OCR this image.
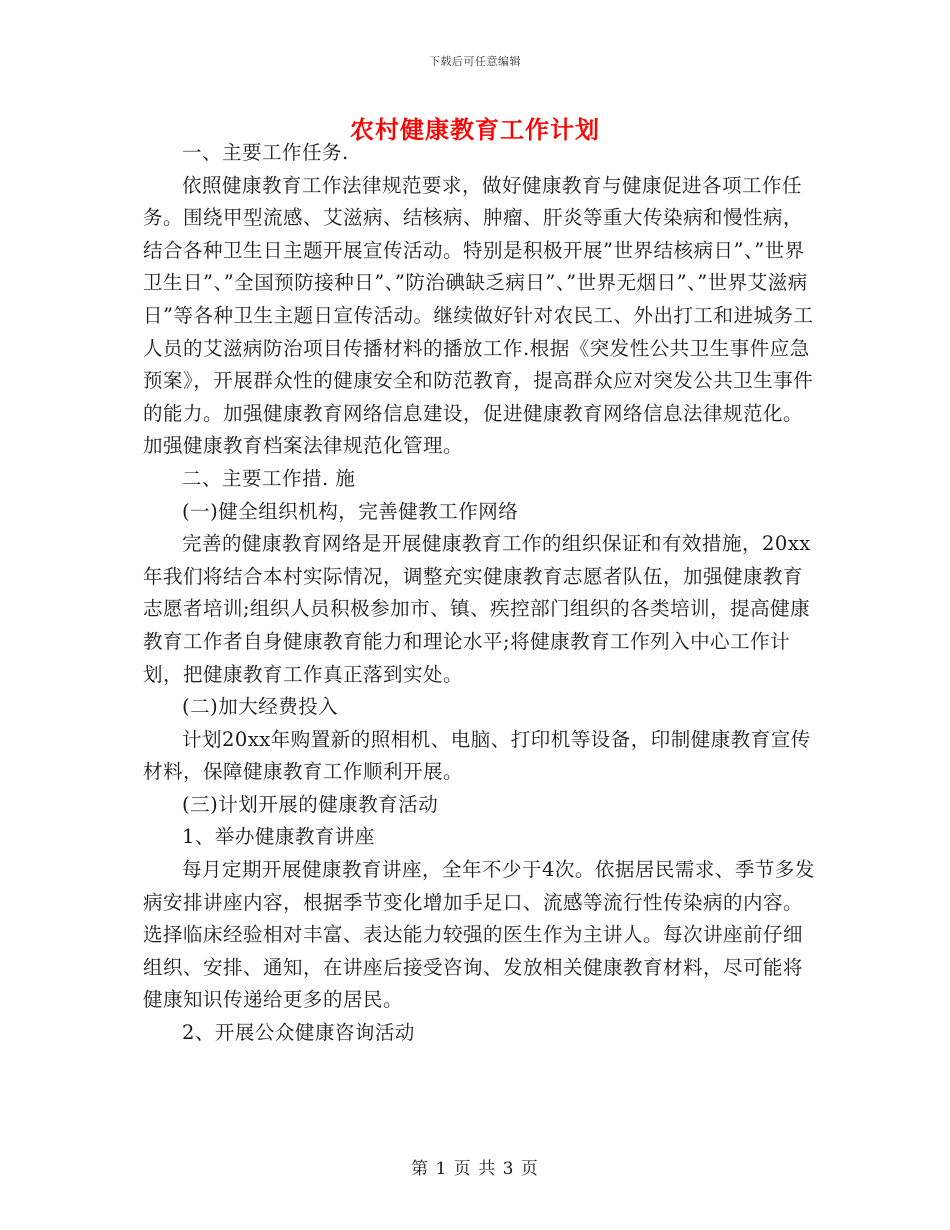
下载后可任意编辑
农村健康教育工作计划

一、主要工作任务.

依照健康教育工作法律规范要求，做好健康教育与健康促进各项工作任务。围绕甲型流感、艾滋病、结核病、肿瘤、肝炎等重大传染病和慢性病，结合各种卫生日主题开展宣传活动。特别是积极开展”世界结核病日”、”世界卫生日”、”全国预防接种日”、”防治碘缺乏病日”、”世界无烟日”、”世界艾滋病日”等各种卫生主题日宣传活动。继续做好针对农民工、外出打工和进城务工人员的艾滋病防治项目传播材料的播放工作.根据《突发性公共卫生事件应急预案》，开展群众性的健康安全和防范教育，提高群众应对突发公共卫生事件的能力。加强健康教育网络信息建设，促进健康教育网络信息法律规范化。加强健康教育档案法律规范化管理。

二、主要工作措. 施

(一)健全组织机构，完善健教工作网络

完善的健康教育网络是开展健康教育工作的组织保证和有效措施，20xx年我们将结合本村实际情况，调整充实健康教育志愿者队伍，加强健康教育志愿者培训;组织人员积极参加市、镇、疾控部门组织的各类培训，提高健康教育工作者自身健康教育能力和理论水平;将健康教育工作列入中心工作计划，把健康教育工作真正落到实处。

(二)加大经费投入

计划20xx年购置新的照相机、电脑、打印机等设备，印制健康教育宣传材料，保障健康教育工作顺利开展。

(三)计划开展的健康教育活动

1、举办健康教育讲座

每月定期开展健康教育讲座，全年不少于4次。依据居民需求、季节多发病安排讲座内容，根据季节变化增加手足口、流感等流行性传染病的内容。选择临床经验相对丰富、表达能力较强的医生作为主讲人。每次讲座前仔细组织、安排、通知，在讲座后接受咨询、发放相关健康教育材料，尽可能将健康知识传递给更多的居民。

2、开展公众健康咨询活动

第 1 页 共 3 页
